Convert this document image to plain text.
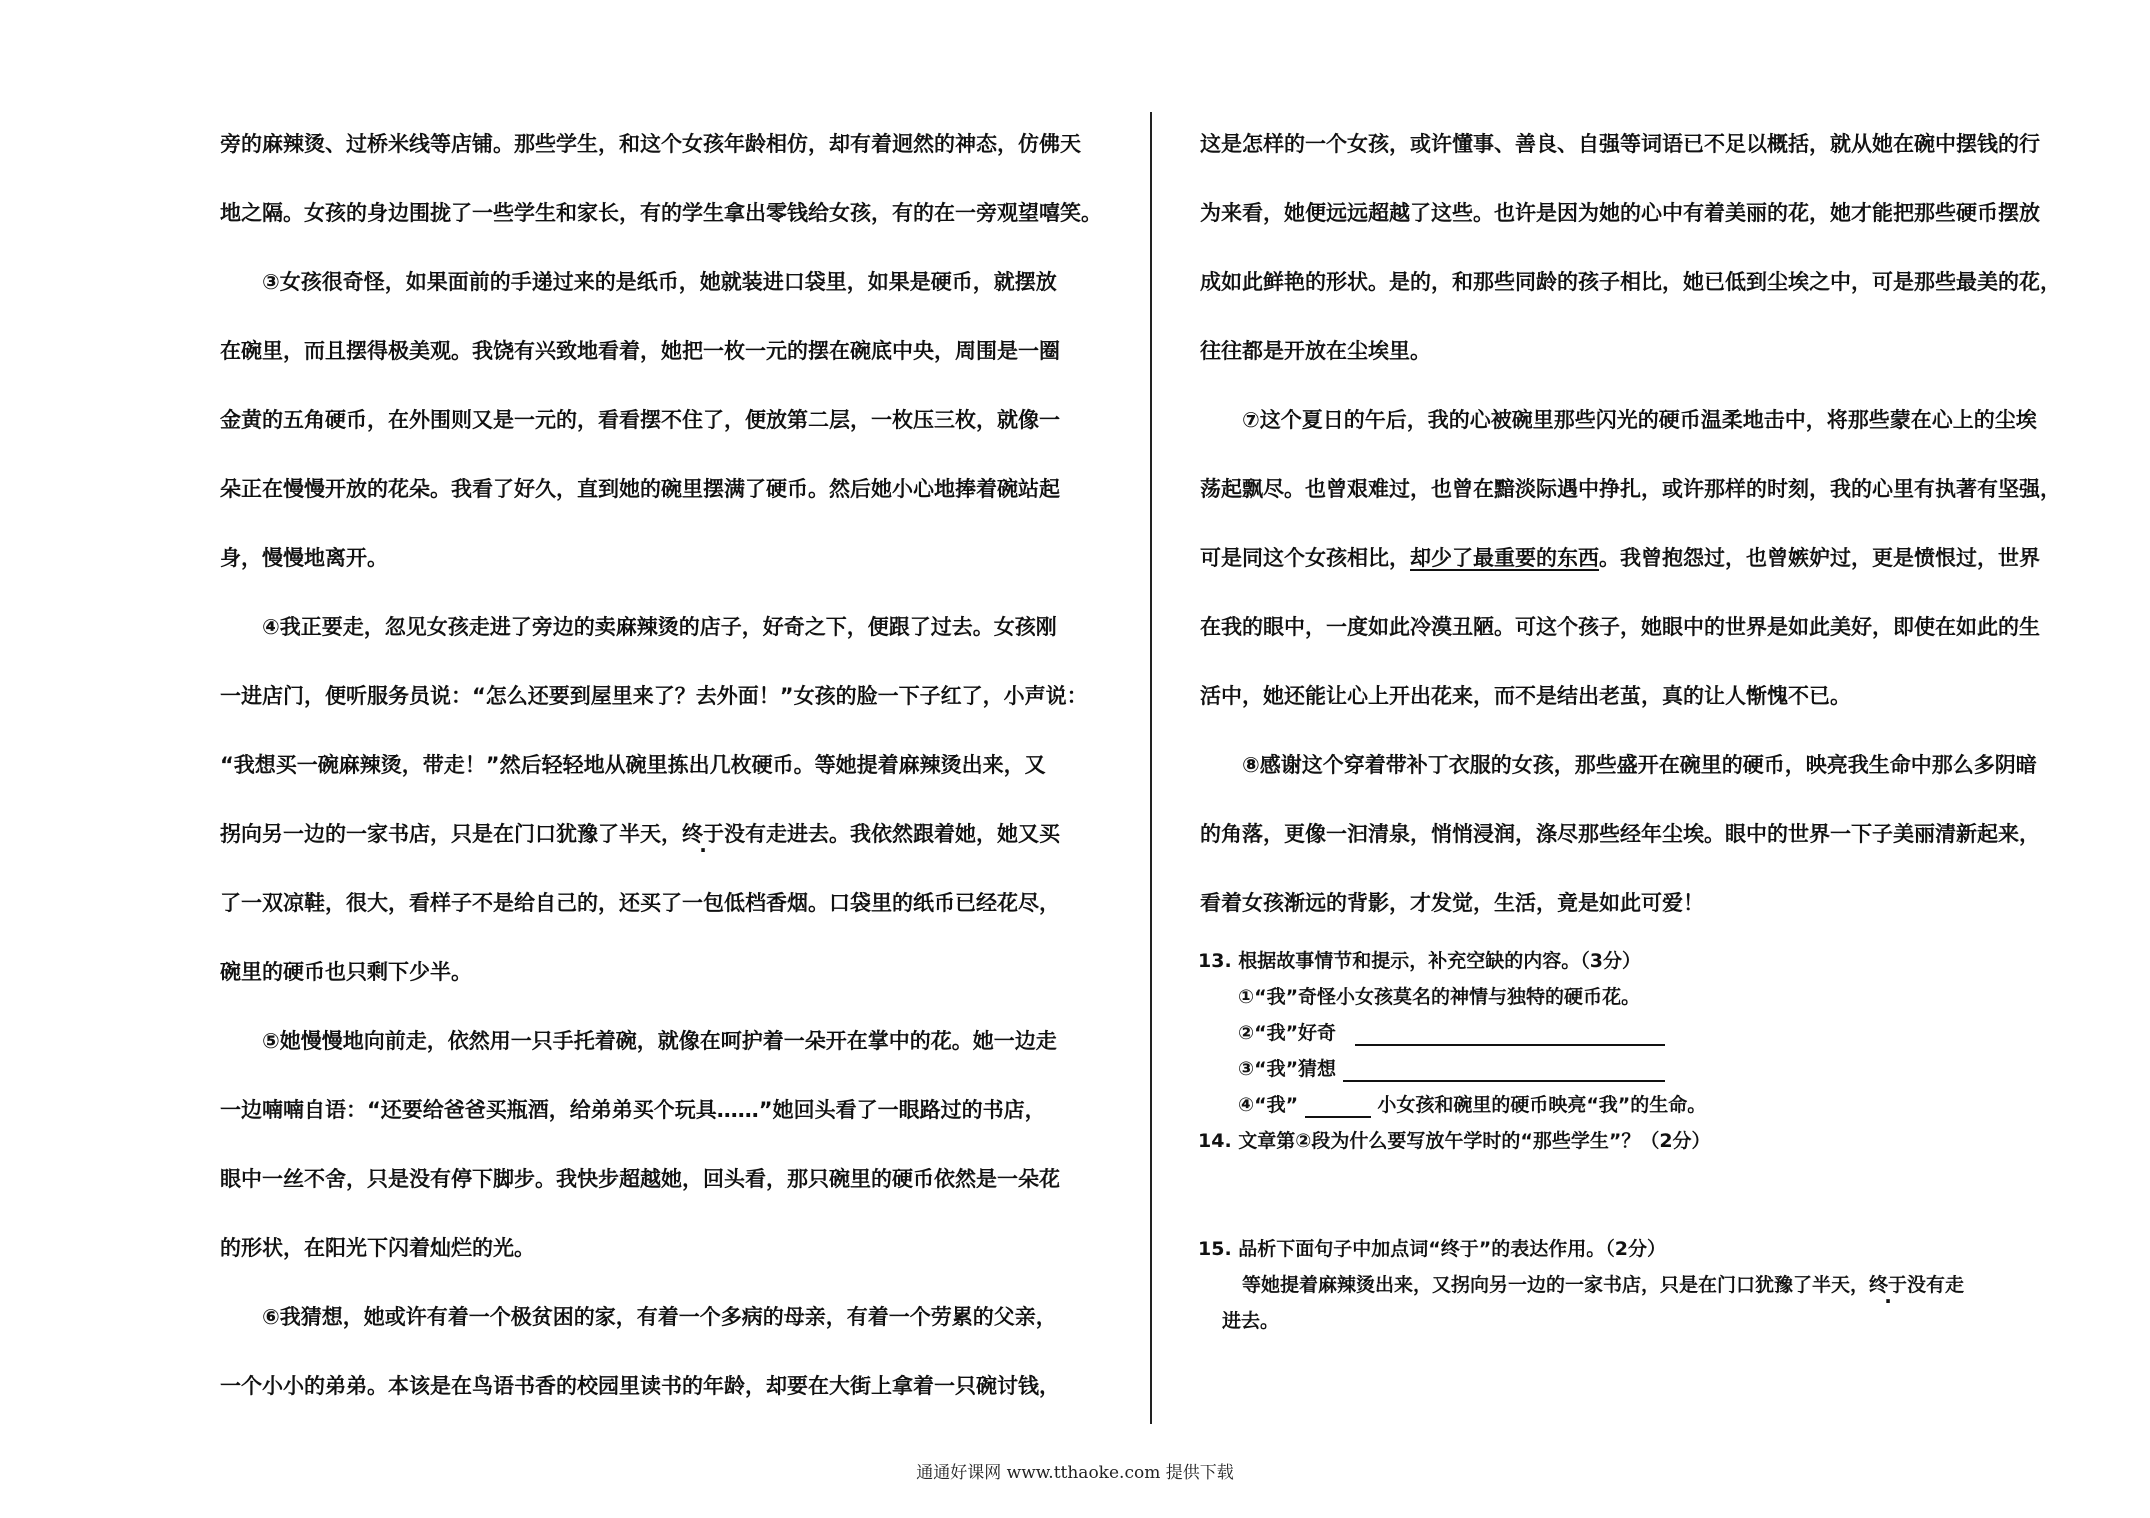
旁的麻辣烫、过桥米线等店铺。那些学生，和这个女孩年龄相仿，却有着迥然的神态，仿佛天
地之隔。女孩的身边围拢了一些学生和家长，有的学生拿出零钱给女孩，有的在一旁观望嘻笑。
　　③女孩很奇怪，如果面前的手递过来的是纸币，她就装进口袋里，如果是硬币，就摆放
在碗里，而且摆得极美观。我饶有兴致地看着，她把一枚一元的摆在碗底中央，周围是一圈
金黄的五角硬币，在外围则又是一元的，看看摆不住了，便放第二层，一枚压三枚，就像一
朵正在慢慢开放的花朵。我看了好久，直到她的碗里摆满了硬币。然后她小心地捧着碗站起
身，慢慢地离开。
　　④我正要走，忽见女孩走进了旁边的卖麻辣烫的店子，好奇之下，便跟了过去。女孩刚
一进店门，便听服务员说：“怎么还要到屋里来了？去外面！”女孩的脸一下子红了，小声说：
“我想买一碗麻辣烫，带走！”然后轻轻地从碗里拣出几枚硬币。等她提着麻辣烫出来，又
拐向另一边的一家书店，只是在门口犹豫了半天，终于没有走进去。我依然跟着她，她又买
了一双凉鞋，很大，看样子不是给自己的，还买了一包低档香烟。口袋里的纸币已经花尽，
碗里的硬币也只剩下少半。
　　⑤她慢慢地向前走，依然用一只手托着碗，就像在呵护着一朵开在掌中的花。她一边走
一边喃喃自语：“还要给爸爸买瓶酒，给弟弟买个玩具……”她回头看了一眼路过的书店，
眼中一丝不舍，只是没有停下脚步。我快步超越她，回头看，那只碗里的硬币依然是一朵花
的形状，在阳光下闪着灿烂的光。
　　⑥我猜想，她或许有着一个极贫困的家，有着一个多病的母亲，有着一个劳累的父亲，
一个小小的弟弟。本该是在鸟语书香的校园里读书的年龄，却要在大街上拿着一只碗讨钱，
这是怎样的一个女孩，或许懂事、善良、自强等词语已不足以概括，就从她在碗中摆钱的行
为来看，她便远远超越了这些。也许是因为她的心中有着美丽的花，她才能把那些硬币摆放
成如此鲜艳的形状。是的，和那些同龄的孩子相比，她已低到尘埃之中，可是那些最美的花，
往往都是开放在尘埃里。
　　⑦这个夏日的午后，我的心被碗里那些闪光的硬币温柔地击中，将那些蒙在心上的尘埃
荡起飘尽。也曾艰难过，也曾在黯淡际遇中挣扎，或许那样的时刻，我的心里有执著有坚强，
可是同这个女孩相比，却少了最重要的东西。我曾抱怨过，也曾嫉妒过，更是愤恨过，世界
在我的眼中，一度如此冷漠丑陋。可这个孩子，她眼中的世界是如此美好，即使在如此的生
活中，她还能让心上开出花来，而不是结出老茧，真的让人惭愧不已。
　　⑧感谢这个穿着带补丁衣服的女孩，那些盛开在碗里的硬币，映亮我生命中那么多阴暗
的角落，更像一汩清泉，悄悄浸润，涤尽那些经年尘埃。眼中的世界一下子美丽清新起来，
看着女孩渐远的背影，才发觉，生活，竟是如此可爱！
13. 根据故事情节和提示，补充空缺的内容。（3分）
①“我”奇怪小女孩莫名的神情与独特的硬币花。
②“我”好奇
③“我”猜想
④“我”	小女孩和碗里的硬币映亮“我”的生命。
14. 文章第②段为什么要写放午学时的“那些学生”？（2分）
15. 品析下面句子中加点词“终于”的表达作用。（2分）
等她提着麻辣烫出来，又拐向另一边的一家书店，只是在门口犹豫了半天，终于没有走
进去。
通通好课网 www.tthaoke.com 提供下载
